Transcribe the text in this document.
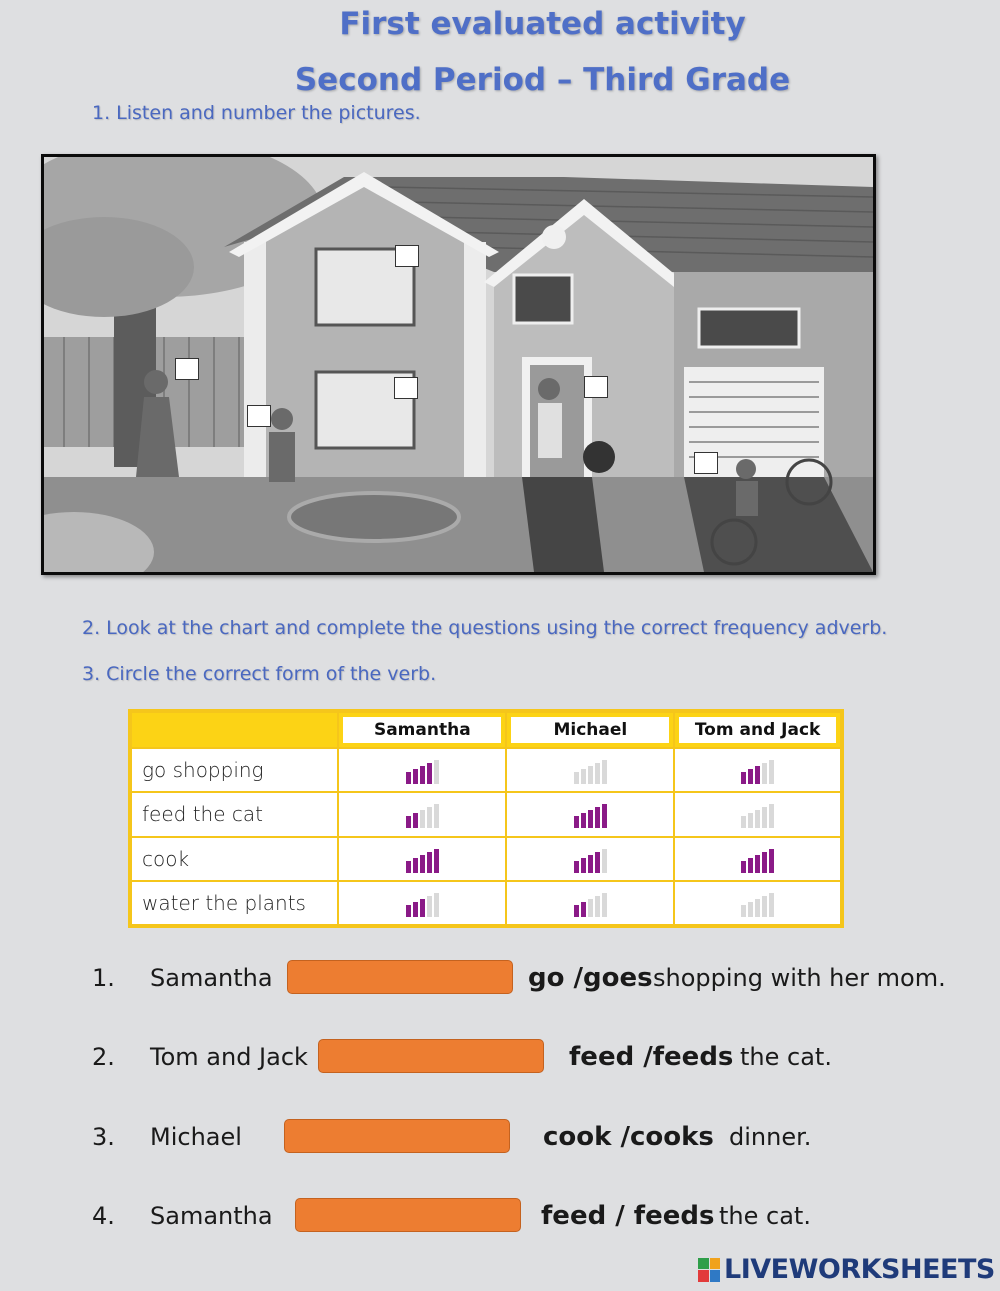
First evaluated activity
Second Period – Third Grade
1. Listen and number the pictures.
2. Look at the chart and complete the questions using the correct frequency adverb.
3. Circle the correct form of the verb.

	Samantha	Michael	Tom and Jack

go shopping	

feed the cat	

cook	

water the plants	

1. Samantha	go /goes shopping with her mom.
2. Tom and Jack	feed /feeds the cat.
3. Michael	cook /cooks dinner.
4. Samantha	feed / feeds the cat.
LIVEWORKSHEETS
